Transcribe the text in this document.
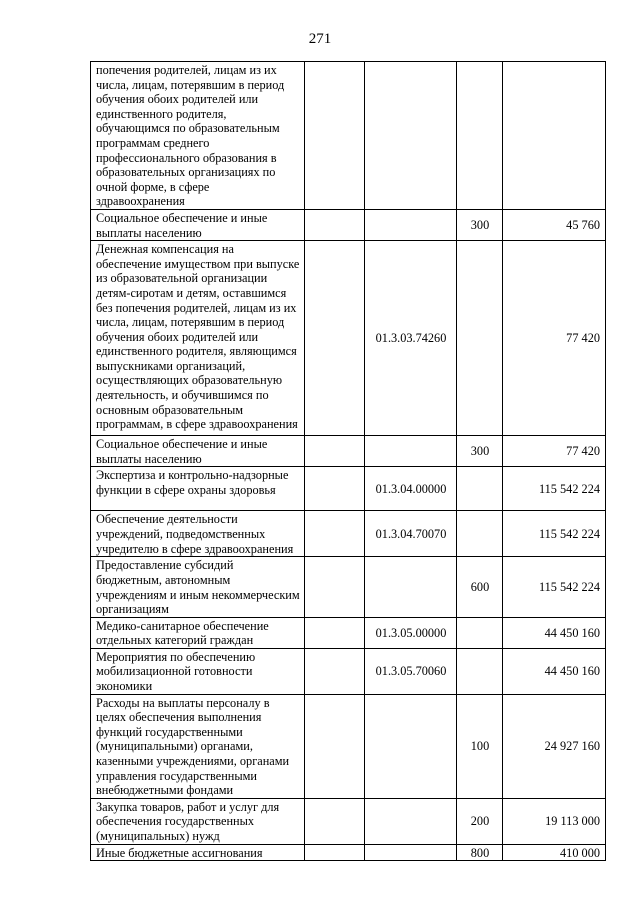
271
попечения родителей, лицам из их числа, лицам, потерявшим в период обучения обоих родителей или единственного родителя, обучающимся по образовательным программам среднего профессионального образования в образовательных организациях по очной форме, в сфере здравоохранения				
Социальное обеспечение и иные выплаты населению			300	45 760
Денежная компенсация на обеспечение имуществом при выпуске из образовательной организации детям-сиротам и детям, оставшимся без попечения родителей, лицам из их числа, лицам, потерявшим в период обучения обоих родителей или единственного родителя, являющимся выпускниками организаций, осуществляющих образовательную деятельность, и обучившимся по основным образовательным программам, в сфере здравоохранения		01.3.03.74260		77 420
Социальное обеспечение и иные выплаты населению			300	77 420
Экспертиза и контрольно-надзорные функции в сфере охраны здоровья		01.3.04.00000		115 542 224
Обеспечение деятельности учреждений, подведомственных учредителю в сфере здравоохранения		01.3.04.70070		115 542 224
Предоставление субсидий бюджетным, автономным учреждениям и иным некоммерческим организациям			600	115 542 224
Медико-санитарное обеспечение отдельных категорий граждан		01.3.05.00000		44 450 160
Мероприятия по обеспечению мобилизационной готовности экономики		01.3.05.70060		44 450 160
Расходы на выплаты персоналу в целях обеспечения выполнения функций государственными (муниципальными) органами, казенными учреждениями, органами управления государственными внебюджетными фондами			100	24 927 160
Закупка товаров, работ и услуг для обеспечения государственных (муниципальных) нужд			200	19 113 000
Иные бюджетные ассигнования			800	410 000
